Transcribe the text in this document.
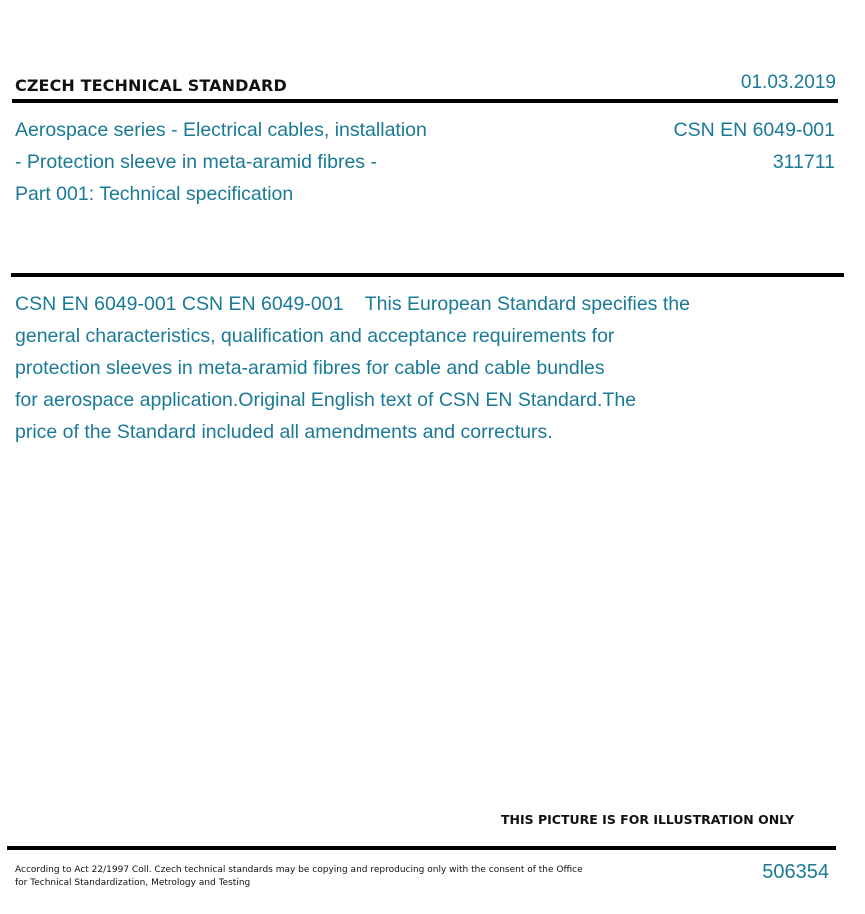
CZECH TECHNICAL STANDARD	01.03.2019
Aerospace series - Electrical cables, installation
- Protection sleeve in meta-aramid fibres -
Part 001: Technical specification
CSN EN 6049-001
311711
CSN EN 6049-001 CSN EN 6049-001    This European Standard specifies the
general characteristics, qualification and acceptance requirements for
protection sleeves in meta-aramid fibres for cable and cable bundles
for aerospace application.Original English text of CSN EN Standard.The
price of the Standard included all amendments and correcturs.
THIS PICTURE IS FOR ILLUSTRATION ONLY
According to Act 22/1997 Coll. Czech technical standards may be copying and reproducing only with the consent of the Office
for Technical Standardization, Metrology and Testing	506354
